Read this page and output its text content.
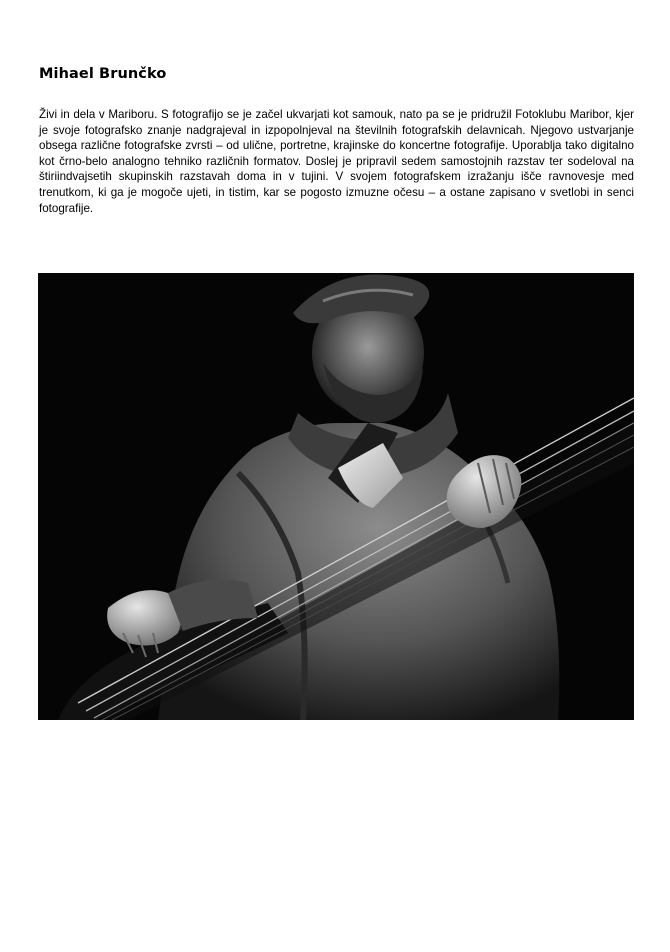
Mihael Brunčko

Živi in dela v Mariboru. S fotografijo se je začel ukvarjati kot samouk, nato pa se je pridružil Fotoklubu Maribor, kjer je svoje fotografsko znanje nadgrajeval in izpopolnjeval na številnih fotografskih delavnicah. Njegovo ustvarjanje obsega različne fotografske zvrsti – od ulične, portretne, krajinske do koncertne fotografije. Uporablja tako digitalno kot črno-belo analogno tehniko različnih formatov. Doslej je pripravil sedem samostojnih razstav ter sodeloval na štiriindvajsetih skupinskih razstavah doma in v tujini. V svojem fotografskem izražanju išče ravnovesje med trenutkom, ki ga je mogoče ujeti, in tistim, kar se pogosto izmuzne očesu – a ostane zapisano v svetlobi in senci fotografije.
